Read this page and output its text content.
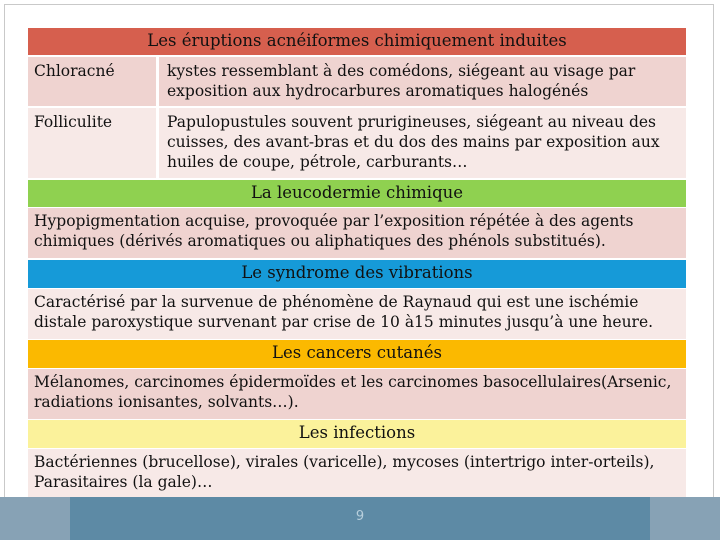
Les éruptions acnéiformes chimiquement induites
Chloracné	kystes ressemblant à des comédons, siégeant au visage par
exposition aux hydrocarbures aromatiques halogénés
Folliculite	Papulopustules souvent prurigineuses, siégeant au niveau des
cuisses, des avant-bras et du dos des mains par exposition aux
huiles de coupe, pétrole, carburants…
La leucodermie chimique
Hypopigmentation acquise, provoquée par l’exposition répétée à des agents
chimiques (dérivés aromatiques ou aliphatiques des phénols substitués).
Le syndrome des vibrations
Caractérisé par la survenue de phénomène de Raynaud qui est une ischémie
distale paroxystique survenant par crise de 10 à15 minutes jusqu’à une heure.
Les cancers cutanés
Mélanomes, carcinomes épidermoïdes et les carcinomes basocellulaires(Arsenic,
radiations ionisantes, solvants…).
Les infections
Bactériennes (brucellose), virales (varicelle), mycoses (intertrigo inter-orteils),
Parasitaires (la gale)…
9
